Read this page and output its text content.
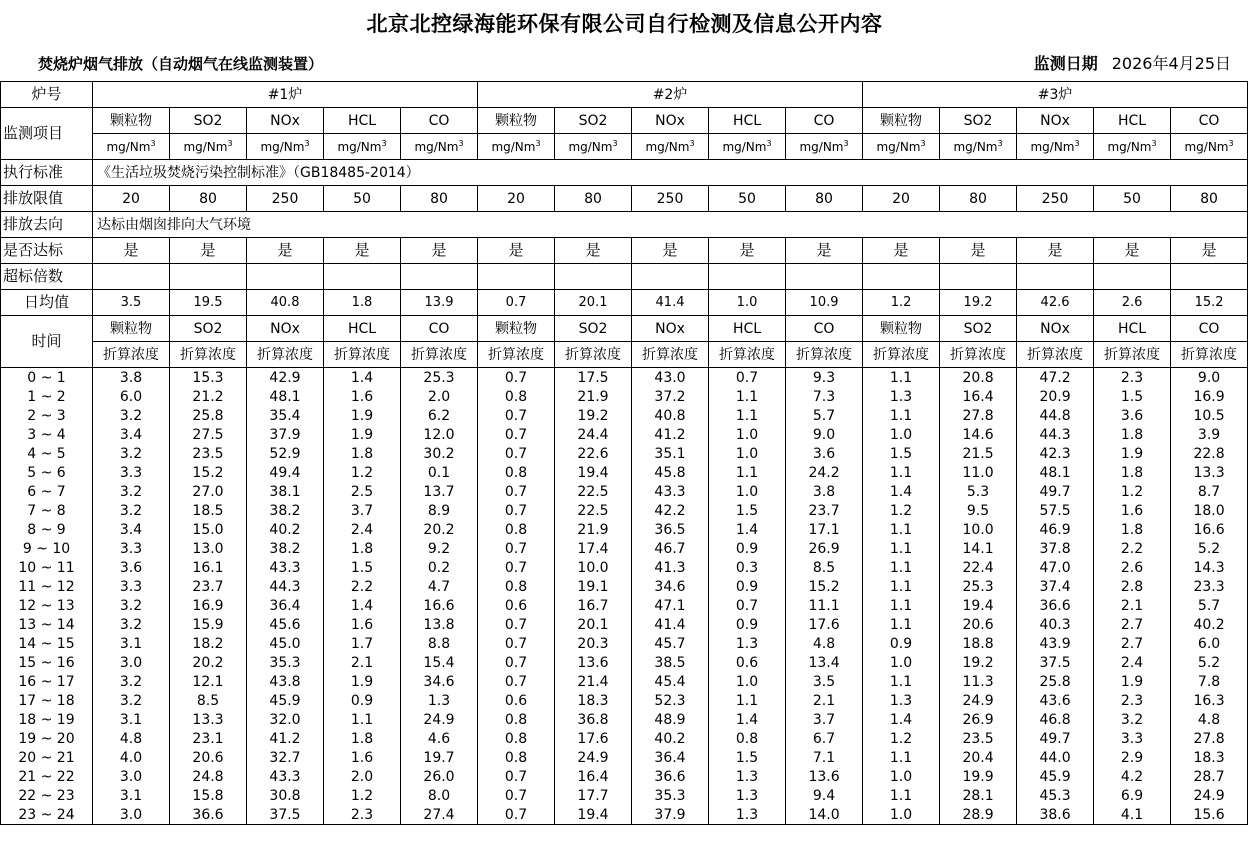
北京北控绿海能环保有限公司自行检测及信息公开内容
焚烧炉烟气排放（自动烟气在线监测装置）	监测日期 2026年4月25日
炉号	#1炉					#2炉					#3炉				
监测项目	颗粒物	SO2	NOx	HCL	CO	颗粒物	SO2	NOx	HCL	CO	颗粒物	SO2	NOx	HCL	CO
	mg/Nm$^3$	mg/Nm$^3$	mg/Nm$^3$	mg/Nm$^3$	mg/Nm$^3$	mg/Nm$^3$	mg/Nm$^3$	mg/Nm$^3$	mg/Nm$^3$	mg/Nm$^3$	mg/Nm$^3$	mg/Nm$^3$	mg/Nm$^3$	mg/Nm$^3$	mg/Nm$^3$
执行标准	《生活垃圾焚烧污染控制标准》（GB18485-2014）														
排放限值	20	80	250	50	80	20	80	250	50	80	20	80	250	50	80
排放去向	达标由烟囱排向大气环境														
是否达标	是	是	是	是	是	是	是	是	是	是	是	是	是	是	是
超标倍数															
日均值	3.5	19.5	40.8	1.8	13.9	0.7	20.1	41.4	1.0	10.9	1.2	19.2	42.6	2.6	15.2
时间	颗粒物	SO2	NOx	HCL	CO	颗粒物	SO2	NOx	HCL	CO	颗粒物	SO2	NOx	HCL	CO
	折算浓度	折算浓度	折算浓度	折算浓度	折算浓度	折算浓度	折算浓度	折算浓度	折算浓度	折算浓度	折算浓度	折算浓度	折算浓度	折算浓度	折算浓度
0 ~ 1	3.8	15.3	42.9	1.4	25.3	0.7	17.5	43.0	0.7	9.3	1.1	20.8	47.2	2.3	9.0
1 ~ 2	6.0	21.2	48.1	1.6	2.0	0.8	21.9	37.2	1.1	7.3	1.3	16.4	20.9	1.5	16.9
2 ~ 3	3.2	25.8	35.4	1.9	6.2	0.7	19.2	40.8	1.1	5.7	1.1	27.8	44.8	3.6	10.5
3 ~ 4	3.4	27.5	37.9	1.9	12.0	0.7	24.4	41.2	1.0	9.0	1.0	14.6	44.3	1.8	3.9
4 ~ 5	3.2	23.5	52.9	1.8	30.2	0.7	22.6	35.1	1.0	3.6	1.5	21.5	42.3	1.9	22.8
5 ~ 6	3.3	15.2	49.4	1.2	0.1	0.8	19.4	45.8	1.1	24.2	1.1	11.0	48.1	1.8	13.3
6 ~ 7	3.2	27.0	38.1	2.5	13.7	0.7	22.5	43.3	1.0	3.8	1.4	5.3	49.7	1.2	8.7
7 ~ 8	3.2	18.5	38.2	3.7	8.9	0.7	22.5	42.2	1.5	23.7	1.2	9.5	57.5	1.6	18.0
8 ~ 9	3.4	15.0	40.2	2.4	20.2	0.8	21.9	36.5	1.4	17.1	1.1	10.0	46.9	1.8	16.6
9 ~ 10	3.3	13.0	38.2	1.8	9.2	0.7	17.4	46.7	0.9	26.9	1.1	14.1	37.8	2.2	5.2
10 ~ 11	3.6	16.1	43.3	1.5	0.2	0.7	10.0	41.3	0.3	8.5	1.1	22.4	47.0	2.6	14.3
11 ~ 12	3.3	23.7	44.3	2.2	4.7	0.8	19.1	34.6	0.9	15.2	1.1	25.3	37.4	2.8	23.3
12 ~ 13	3.2	16.9	36.4	1.4	16.6	0.6	16.7	47.1	0.7	11.1	1.1	19.4	36.6	2.1	5.7
13 ~ 14	3.2	15.9	45.6	1.6	13.8	0.7	20.1	41.4	0.9	17.6	1.1	20.6	40.3	2.7	40.2
14 ~ 15	3.1	18.2	45.0	1.7	8.8	0.7	20.3	45.7	1.3	4.8	0.9	18.8	43.9	2.7	6.0
15 ~ 16	3.0	20.2	35.3	2.1	15.4	0.7	13.6	38.5	0.6	13.4	1.0	19.2	37.5	2.4	5.2
16 ~ 17	3.2	12.1	43.8	1.9	34.6	0.7	21.4	45.4	1.0	3.5	1.1	11.3	25.8	1.9	7.8
17 ~ 18	3.2	8.5	45.9	0.9	1.3	0.6	18.3	52.3	1.1	2.1	1.3	24.9	43.6	2.3	16.3
18 ~ 19	3.1	13.3	32.0	1.1	24.9	0.8	36.8	48.9	1.4	3.7	1.4	26.9	46.8	3.2	4.8
19 ~ 20	4.8	23.1	41.2	1.8	4.6	0.8	17.6	40.2	0.8	6.7	1.2	23.5	49.7	3.3	27.8
20 ~ 21	4.0	20.6	32.7	1.6	19.7	0.8	24.9	36.4	1.5	7.1	1.1	20.4	44.0	2.9	18.3
21 ~ 22	3.0	24.8	43.3	2.0	26.0	0.7	16.4	36.6	1.3	13.6	1.0	19.9	45.9	4.2	28.7
22 ~ 23	3.1	15.8	30.8	1.2	8.0	0.7	17.7	35.3	1.3	9.4	1.1	28.1	45.3	6.9	24.9
23 ~ 24	3.0	36.6	37.5	2.3	27.4	0.7	19.4	37.9	1.3	14.0	1.0	28.9	38.6	4.1	15.6
